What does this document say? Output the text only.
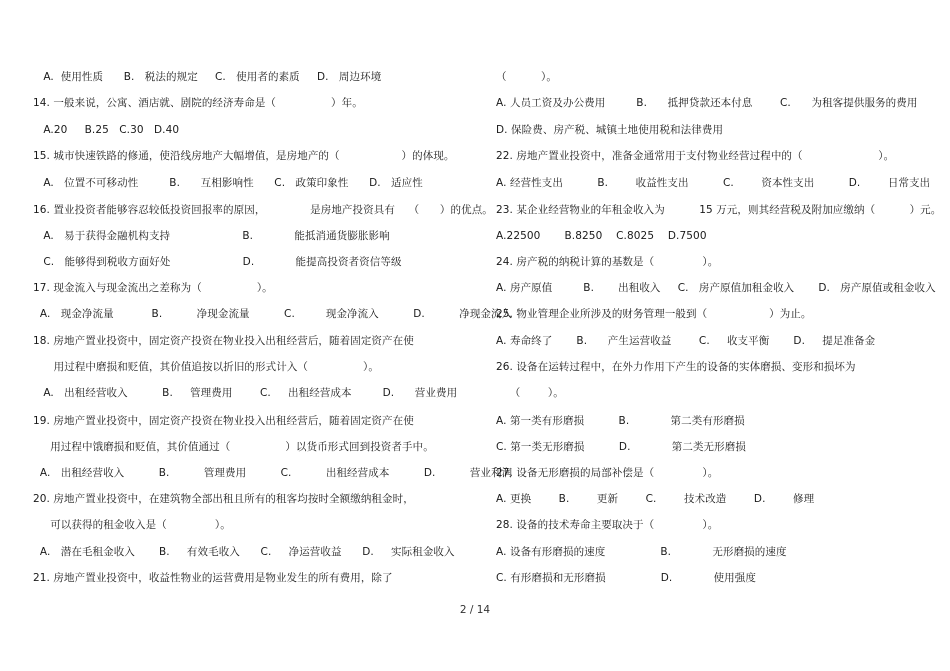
A.  使用性质      B.   税法的规定     C.   使用者的素质     D.   周边环境
14. 一般来说，公寓、酒店就、剧院的经济寿命是（                ）年。
A.20     B.25   C.30   D.40
15. 城市快速铁路的修通，使沿线房地产大幅增值，是房地产的（                  ）的体现。
A.   位置不可移动性         B.      互相影响性      C.   政策印象性      D.   适应性
16. 置业投资者能够容忍较低投资回报率的原因，             是房地产投资具有    （      ）的优点。
A.   易于获得金融机构支持                     B.            能抵消通货膨胀影响
C.   能够得到税收方面好处                     D.            能提高投资者资信等级
17. 现金流入与现金流出之差称为（                ）。
A.   现金净流量           B.          净现金流量          C.         现金净流入          D.          净现金流入
18. 房地产置业投资中，固定资产投资在物业投入出租经营后，随着固定资产在使
用过程中磨损和贬值，其价值追按以折旧的形式计入（                ）。
A.   出租经营收入          B.     管理费用        C.     出租经营成本         D.      营业费用
19. 房地产置业投资中，固定资产投资在物业投入出租经营后，随着固定资产在使
用过程中饿磨损和贬值，其价值通过（                ）以货币形式回到投资者手中。
A.   出租经营收入          B.          管理费用          C.          出租经营成本          D.          营业利润
20. 房地产置业投资中，在建筑物全部出租且所有的租客均按时全额缴纳租金时，
可以获得的租金收入是（              ）。
A.   潜在毛租金收入       B.     有效毛收入      C.     净运营收益      D.     实际租金收入
21. 房地产置业投资中，收益性物业的运营费用是物业发生的所有费用，除了
（          ）。
A. 人员工资及办公费用         B.      抵押贷款还本付息        C.      为租客提供服务的费用
D. 保险费、房产税、城镇土地使用税和法律费用
22. 房地产置业投资中，准备金通常用于支付物业经营过程中的（                      ）。
A. 经营性支出          B.        收益性支出          C.        资本性支出          D.        日常支出
23. 某企业经营物业的年租金收入为          15 万元，则其经营税及附加应缴纳（          ）元。
A.22500       B.8250    C.8025    D.7500
24. 房产税的纳税计算的基数是（              ）。
A. 房产原值         B.       出租收入     C.   房产原值加租金收入       D.   房产原值或租金收入
25. 物业管理企业所涉及的财务管理一般到（                  ）为止。
A. 寿命终了       B.      产生运营收益        C.     收支平衡       D.     提足准备金
26. 设备在运转过程中，在外力作用下产生的设备的实体磨损、变形和损坏为
（        ）。
A. 第一类有形磨损          B.            第二类有形磨损
C. 第一类无形磨损          D.            第二类无形磨损
27. 设备无形磨损的局部补偿是（              ）。
A. 更换        B.        更新        C.        技术改造        D.        修理
28. 设备的技术寿命主要取决于（              ）。
A. 设备有形磨损的速度                B.            无形磨损的速度
C. 有形磨损和无形磨损                D.            使用强度
2 / 14
